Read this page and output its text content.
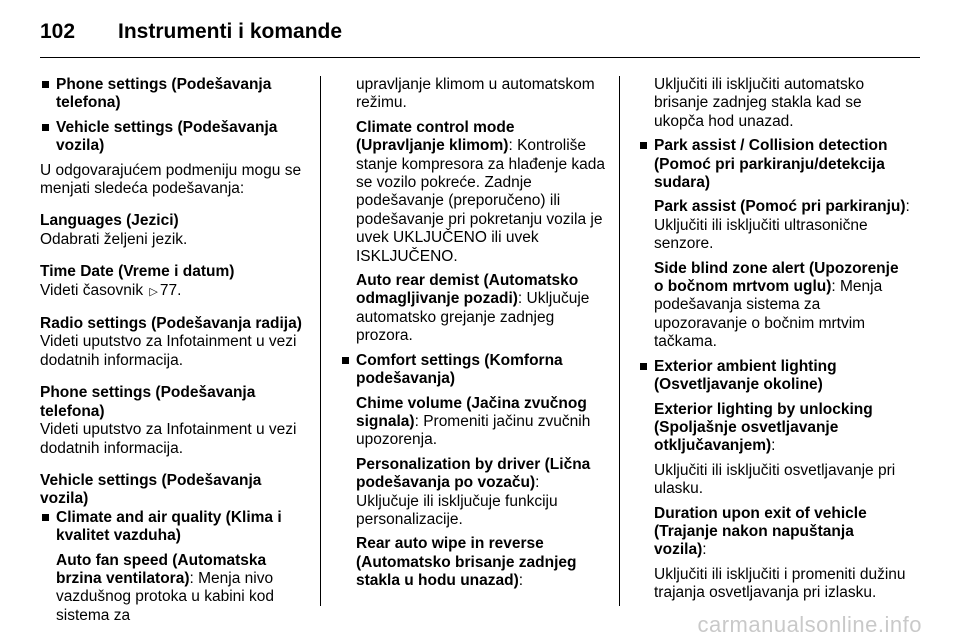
102	Instrumenti i komande
Phone settings (Podešavanja telefona)
Vehicle settings (Podešavanja vozila)
U odgovarajućem podmeniju mogu se menjati sledeća podešavanja:
Languages (Jezici)
Odabrati željeni jezik.
Time Date (Vreme i datum)
Videti časovnik ▷ 77.
Radio settings (Podešavanja radija)
Videti uputstvo za Infotainment u vezi dodatnih informacija.
Phone settings (Podešavanja telefona)
Videti uputstvo za Infotainment u vezi dodatnih informacija.
Vehicle settings (Podešavanja vozila)
Climate and air quality (Klima i kvalitet vazduha)
Auto fan speed (Automatska brzina ventilatora): Menja nivo vazdušnog protoka u kabini kod sistema za
upravljanje klimom u automatskom režimu.
Climate control mode (Upravljanje klimom): Kontroliše stanje kompresora za hlađenje kada se vozilo pokreće. Zadnje podešavanje (preporučeno) ili podešavanje pri pokretanju vozila je uvek UKLJUČENO ili uvek ISKLJUČENO.
Auto rear demist (Automatsko odmagljivanje pozadi): Uključuje automatsko grejanje zadnjeg prozora.
Comfort settings (Komforna podešavanja)
Chime volume (Jačina zvučnog signala): Promeniti jačinu zvučnih upozorenja.
Personalization by driver (Lična podešavanja po vozaču): Uključuje ili isključuje funkciju personalizacije.
Rear auto wipe in reverse (Automatsko brisanje zadnjeg stakla u hodu unazad):
Uključiti ili isključiti automatsko brisanje zadnjeg stakla kad se ukopča hod unazad.
Park assist / Collision detection (Pomoć pri parkiranju/detekcija sudara)
Park assist (Pomoć pri parkiranju): Uključiti ili isključiti ultrasonične senzore.
Side blind zone alert (Upozorenje o bočnom mrtvom uglu): Menja podešavanja sistema za upozoravanje o bočnim mrtvim tačkama.
Exterior ambient lighting (Osvetljavanje okoline)
Exterior lighting by unlocking (Spoljašnje osvetljavanje otključavanjem):
Uključiti ili isključiti osvetljavanje pri ulasku.
Duration upon exit of vehicle (Trajanje nakon napuštanja vozila):
Uključiti ili isključiti i promeniti dužinu trajanja osvetljavanja pri izlasku.
carmanualsonline.info
